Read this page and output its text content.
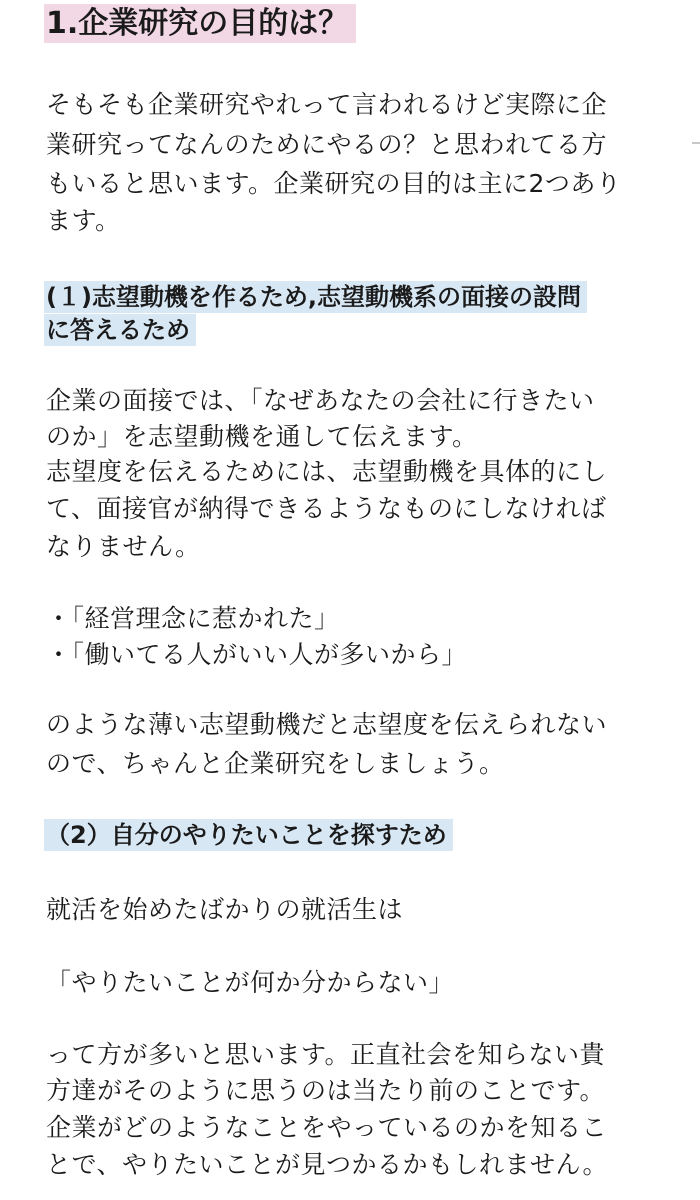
1.企業研究の目的は？
そもそも企業研究やれって言われるけど実際に企
業研究ってなんのためにやるの？と思われてる方
もいると思います。企業研究の目的は主に2つあり
ます。
(１)志望動機を作るため,志望動機系の面接の設問
に答えるため
企業の面接では、「なぜあなたの会社に行きたい
のか」を志望動機を通して伝えます。
志望度を伝えるためには、志望動機を具体的にし
て、面接官が納得できるようなものにしなければ
なりません。
・「経営理念に惹かれた」
・「働いてる人がいい人が多いから」
のような薄い志望動機だと志望度を伝えられない
ので、ちゃんと企業研究をしましょう。
（2）自分のやりたいことを探すため
就活を始めたばかりの就活生は
「やりたいことが何か分からない」
って方が多いと思います。正直社会を知らない貴
方達がそのように思うのは当たり前のことです。
企業がどのようなことをやっているのかを知るこ
とで、やりたいことが見つかるかもしれません。
